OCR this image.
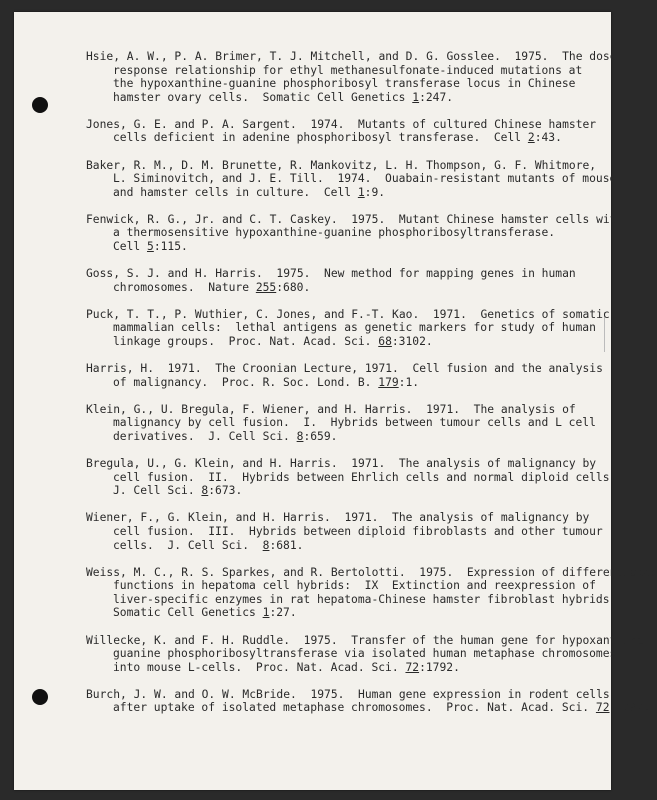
Hsie, A. W., P. A. Brimer, T. J. Mitchell, and D. G. Gosslee.  1975.  The dose-
response relationship for ethyl methanesulfonate-induced mutations at
the hypoxanthine-guanine phosphoribosyl transferase locus in Chinese
hamster ovary cells.  Somatic Cell Genetics 1:247.
Jones, G. E. and P. A. Sargent.  1974.  Mutants of cultured Chinese hamster
cells deficient in adenine phosphoribosyl transferase.  Cell 2:43.
Baker, R. M., D. M. Brunette, R. Mankovitz, L. H. Thompson, G. F. Whitmore,
L. Siminovitch, and J. E. Till.  1974.  Ouabain-resistant mutants of mouse
and hamster cells in culture.  Cell 1:9.
Fenwick, R. G., Jr. and C. T. Caskey.  1975.  Mutant Chinese hamster cells with
a thermosensitive hypoxanthine-guanine phosphoribosyltransferase.
Cell 5:115.
Goss, S. J. and H. Harris.  1975.  New method for mapping genes in human
chromosomes.  Nature 255:680.
Puck, T. T., P. Wuthier, C. Jones, and F.-T. Kao.  1971.  Genetics of somatic
mammalian cells:  lethal antigens as genetic markers for study of human
linkage groups.  Proc. Nat. Acad. Sci. 68:3102.
Harris, H.  1971.  The Croonian Lecture, 1971.  Cell fusion and the analysis
of malignancy.  Proc. R. Soc. Lond. B. 179:1.
Klein, G., U. Bregula, F. Wiener, and H. Harris.  1971.  The analysis of
malignancy by cell fusion.  I.  Hybrids between tumour cells and L cell
derivatives.  J. Cell Sci. 8:659.
Bregula, U., G. Klein, and H. Harris.  1971.  The analysis of malignancy by
cell fusion.  II.  Hybrids between Ehrlich cells and normal diploid cells.
J. Cell Sci. 8:673.
Wiener, F., G. Klein, and H. Harris.  1971.  The analysis of malignancy by
cell fusion.  III.  Hybrids between diploid fibroblasts and other tumour
cells.  J. Cell Sci.  8:681.
Weiss, M. C., R. S. Sparkes, and R. Bertolotti.  1975.  Expression of differentiated
functions in hepatoma cell hybrids:  IX  Extinction and reexpression of
liver-specific enzymes in rat hepatoma-Chinese hamster fibroblast hybrids.
Somatic Cell Genetics 1:27.
Willecke, K. and F. H. Ruddle.  1975.  Transfer of the human gene for hypoxanthine-
guanine phosphoribosyltransferase via isolated human metaphase chromosomes
into mouse L-cells.  Proc. Nat. Acad. Sci. 72:1792.
Burch, J. W. and O. W. McBride.  1975.  Human gene expression in rodent cells
after uptake of isolated metaphase chromosomes.  Proc. Nat. Acad. Sci. 72:1797.
